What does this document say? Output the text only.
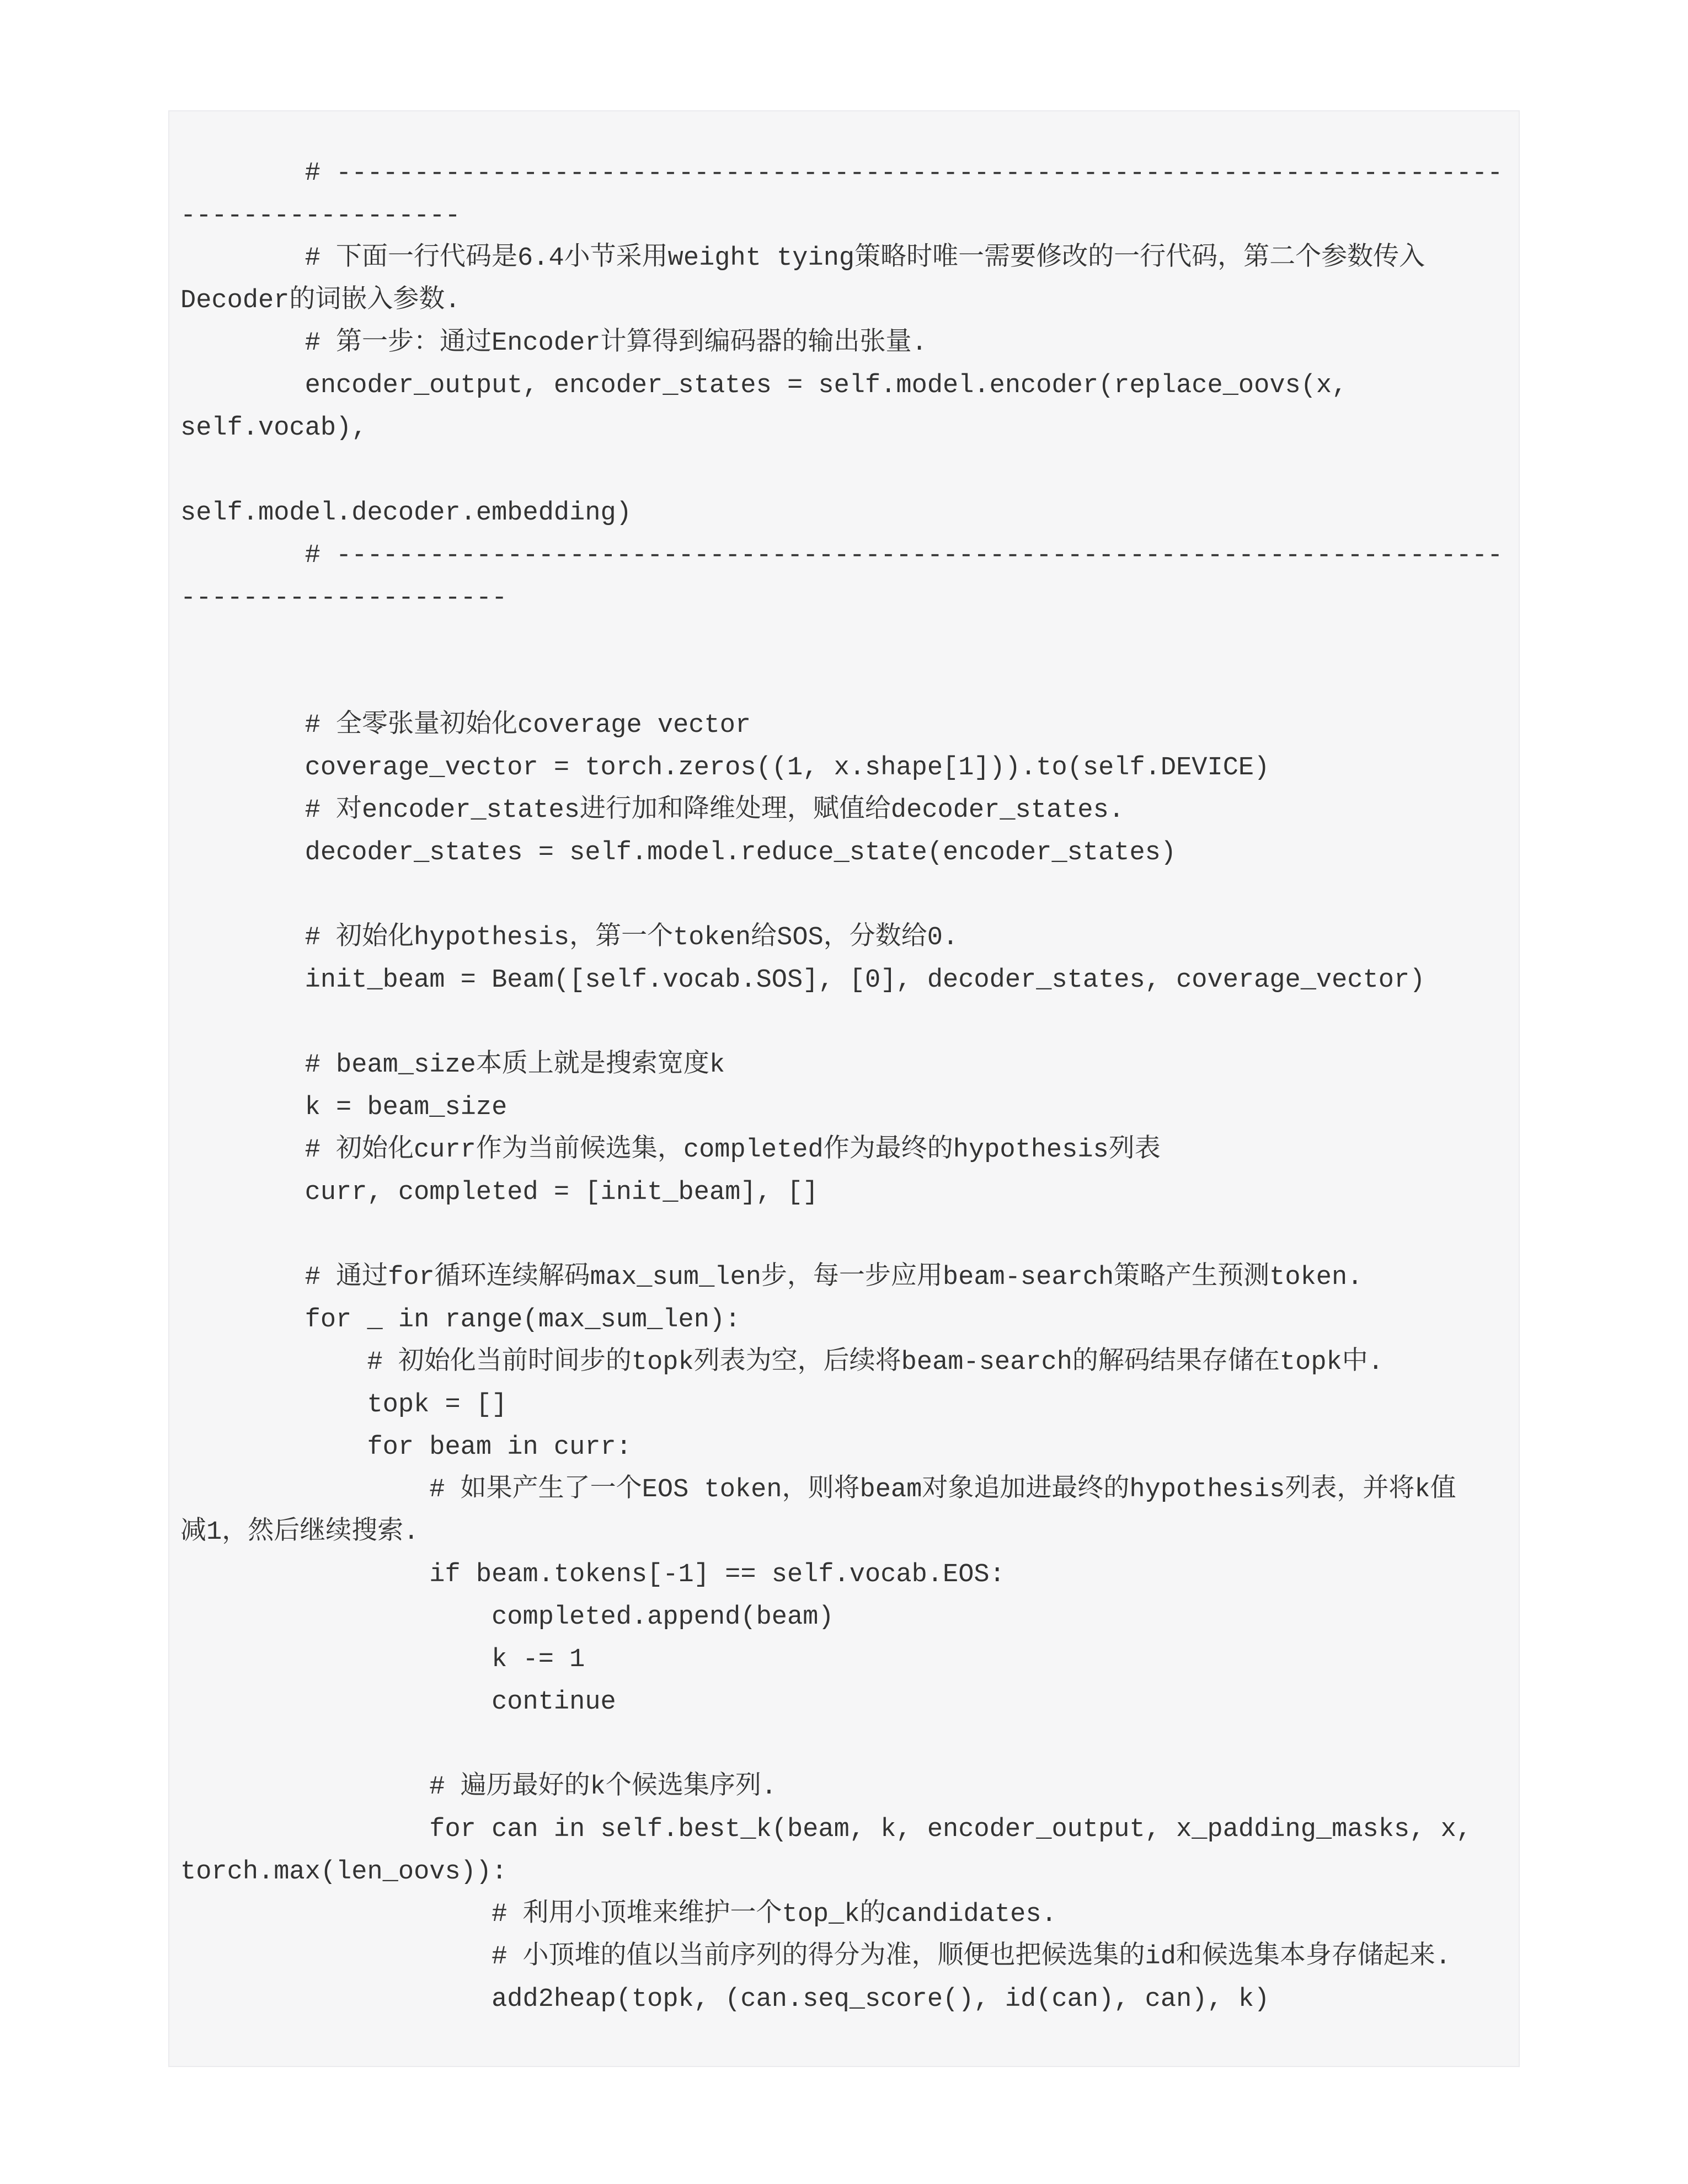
# ---------------------------------------------------------------------------
------------------
# 下面一行代码是6.4小节采用weight tying策略时唯一需要修改的一行代码，第二个参数传入
Decoder的词嵌入参数.
# 第一步：通过Encoder计算得到编码器的输出张量.
encoder_output, encoder_states = self.model.encoder(replace_oovs(x,
self.vocab),

self.model.decoder.embedding)
# ---------------------------------------------------------------------------
---------------------

# 全零张量初始化coverage vector
coverage_vector = torch.zeros((1, x.shape[1])).to(self.DEVICE)
# 对encoder_states进行加和降维处理，赋值给decoder_states.
decoder_states = self.model.reduce_state(encoder_states)

# 初始化hypothesis，第一个token给SOS，分数给0.
init_beam = Beam([self.vocab.SOS], [0], decoder_states, coverage_vector)

# beam_size本质上就是搜索宽度k
k = beam_size
# 初始化curr作为当前候选集，completed作为最终的hypothesis列表
curr, completed = [init_beam], []

# 通过for循环连续解码max_sum_len步，每一步应用beam-search策略产生预测token.
for _ in range(max_sum_len):
# 初始化当前时间步的topk列表为空，后续将beam-search的解码结果存储在topk中.
topk = []
for beam in curr:
# 如果产生了一个EOS token，则将beam对象追加进最终的hypothesis列表，并将k值
减1，然后继续搜索.
if beam.tokens[-1] == self.vocab.EOS:
completed.append(beam)
k -= 1
continue

# 遍历最好的k个候选集序列.
for can in self.best_k(beam, k, encoder_output, x_padding_masks, x,
torch.max(len_oovs)):
# 利用小顶堆来维护一个top_k的candidates.
# 小顶堆的值以当前序列的得分为准，顺便也把候选集的id和候选集本身存储起来.
add2heap(topk, (can.seq_score(), id(can), can), k)
